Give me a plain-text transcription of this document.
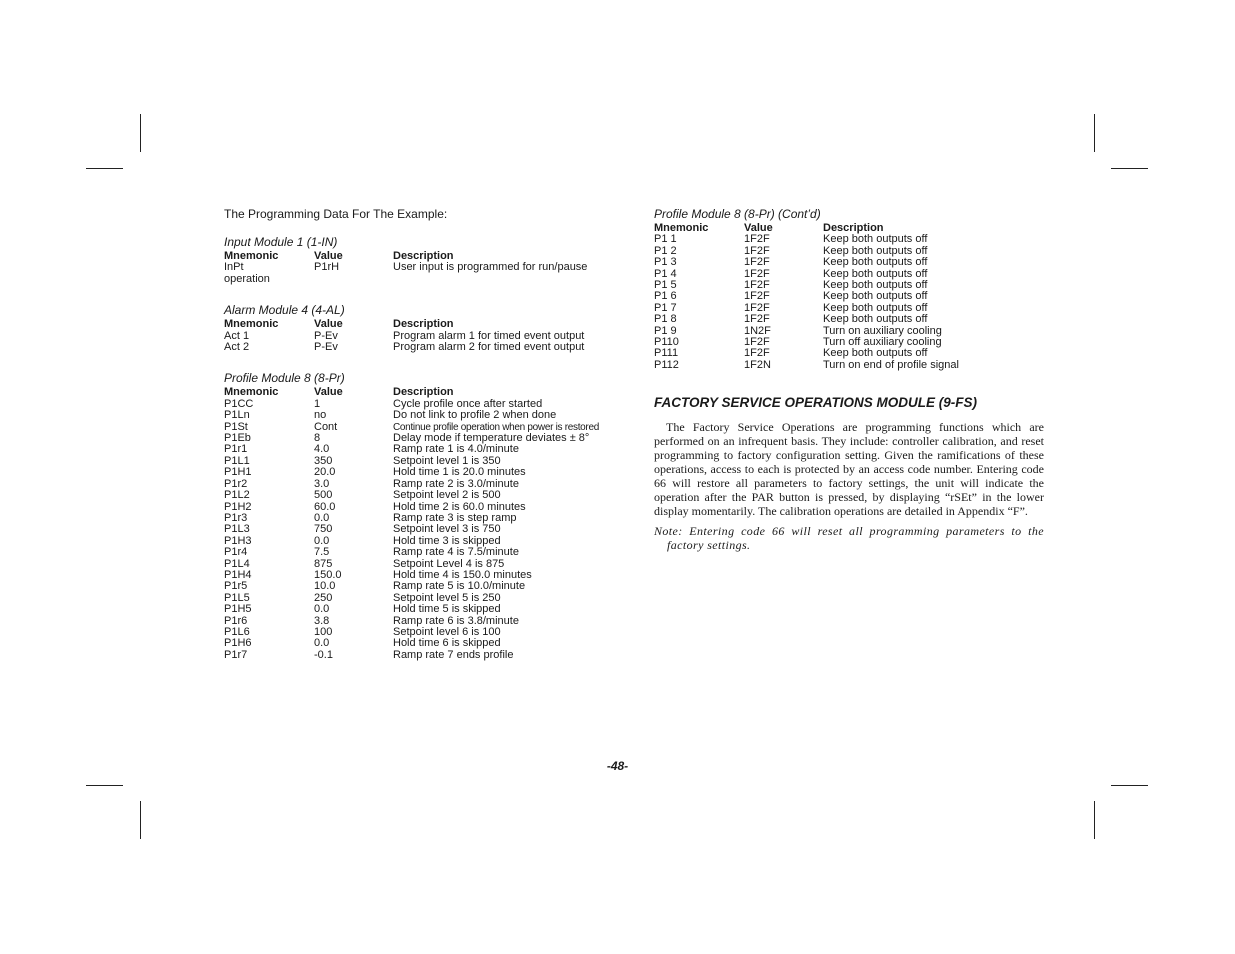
The Programming Data For The Example:

Input Module 1 (1-IN)
Mnemonic	Value	Description
InPt	P1rH	User input is programmed for run/pause
operation
Alarm Module 4 (4-AL)
Mnemonic	Value	Description
Act 1	P-Ev	Program alarm 1 for timed event output
Act 2	P-Ev	Program alarm 2 for timed event output
Profile Module 8 (8-Pr)
Mnemonic	Value	Description
P1CC	1	Cycle profile once after started
P1Ln	no	Do not link to profile 2 when done
P1St	Cont	Continue profile operation when power is restored
P1Eb	8	Delay mode if temperature deviates ± 8°
P1r1	4.0	Ramp rate 1 is 4.0/minute
P1L1	350	Setpoint level 1 is 350
P1H1	20.0	Hold time 1 is 20.0 minutes
P1r2	3.0	Ramp rate 2 is 3.0/minute
P1L2	500	Setpoint level 2 is 500
P1H2	60.0	Hold time 2 is 60.0 minutes
P1r3	0.0	Ramp rate 3 is step ramp
P1L3	750	Setpoint level 3 is 750
P1H3	0.0	Hold time 3 is skipped
P1r4	7.5	Ramp rate 4 is 7.5/minute
P1L4	875	Setpoint Level 4 is 875
P1H4	150.0	Hold time 4 is 150.0 minutes
P1r5	10.0	Ramp rate 5 is 10.0/minute
P1L5	250	Setpoint level 5 is 250
P1H5	0.0	Hold time 5 is skipped
P1r6	3.8	Ramp rate 6 is 3.8/minute
P1L6	100	Setpoint level 6 is 100
P1H6	0.0	Hold time 6 is skipped
P1r7	-0.1	Ramp rate 7 ends profile
Profile Module 8 (8-Pr) (Cont’d)
Mnemonic	Value	Description
P1 1	1F2F	Keep both outputs off
P1 2	1F2F	Keep both outputs off
P1 3	1F2F	Keep both outputs off
P1 4	1F2F	Keep both outputs off
P1 5	1F2F	Keep both outputs off
P1 6	1F2F	Keep both outputs off
P1 7	1F2F	Keep both outputs off
P1 8	1F2F	Keep both outputs off
P1 9	1N2F	Turn on auxiliary cooling
P110	1F2F	Turn off auxiliary cooling
P111	1F2F	Keep both outputs off
P112	1F2N	Turn on end of profile signal
FACTORY SERVICE OPERATIONS MODULE (9-FS)

The Factory Service Operations are programming functions which are performed on an infrequent basis. They include: controller calibration, and reset programming to factory configuration setting. Given the ramifications of these operations, access to each is protected by an access code number. Entering code 66 will restore all parameters to factory settings, the unit will indicate the operation after the PAR button is pressed, by displaying “rSEt” in the lower display momentarily. The calibration operations are detailed in Appendix “F”.

Note: Entering code 66 will reset all programming parameters to the factory settings.

-48-
